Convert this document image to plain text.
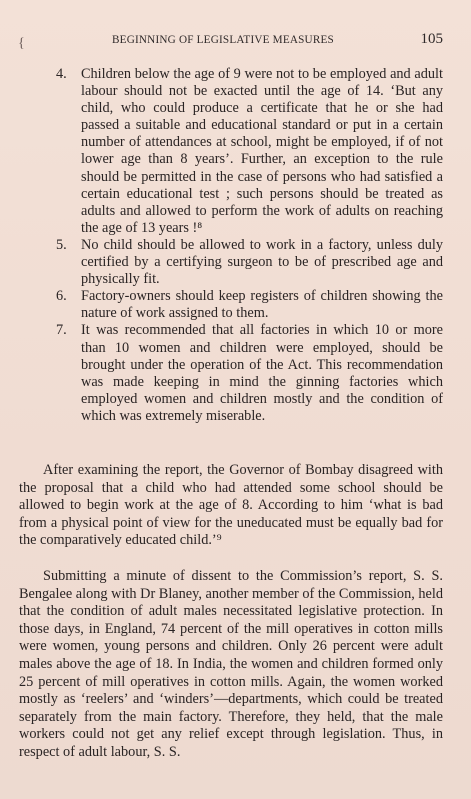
{	BEGINNING OF LEGISLATIVE MEASURES	105

4. Children below the age of 9 were not to be employed and adult labour should not be exacted until the age of 14. ‘But any child, who could produce a certificate that he or she had passed a suitable and educational standard or put in a certain number of attendances at school, might be employed, if of not lower age than 8 years’. Further, an exception to the rule should be permitted in the case of persons who had satisfied a certain educational test ; such persons should be treated as adults and allowed to perform the work of adults on reaching the age of 13 years !⁸

5. No child should be allowed to work in a factory, unless duly certified by a certifying surgeon to be of prescribed age and physically fit.

6. Factory-owners should keep registers of children showing the nature of work assigned to them.

7. It was recommended that all factories in which 10 or more than 10 women and children were employed, should be brought under the operation of the Act. This recommendation was made keeping in mind the ginning factories which employed women and children mostly and the condition of which was extremely miserable.

After examining the report, the Governor of Bombay disagreed with the proposal that a child who had attended some school should be allowed to begin work at the age of 8. According to him ‘what is bad from a physical point of view for the uneducated must be equally bad for the comparatively educated child.’⁹

Submitting a minute of dissent to the Commission’s report, S. S. Bengalee along with Dr Blaney, another member of the Commission, held that the condition of adult males necessitated legislative protection. In those days, in England, 74 percent of the mill operatives in cotton mills were women, young persons and children. Only 26 percent were adult males above the age of 18. In India, the women and children formed only 25 percent of mill operatives in cotton mills. Again, the women worked mostly as ‘reelers’ and ‘winders’—departments, which could be treated separately from the main factory. Therefore, they held, that the male workers could not get any relief except through legislation. Thus, in respect of adult labour, S. S.
